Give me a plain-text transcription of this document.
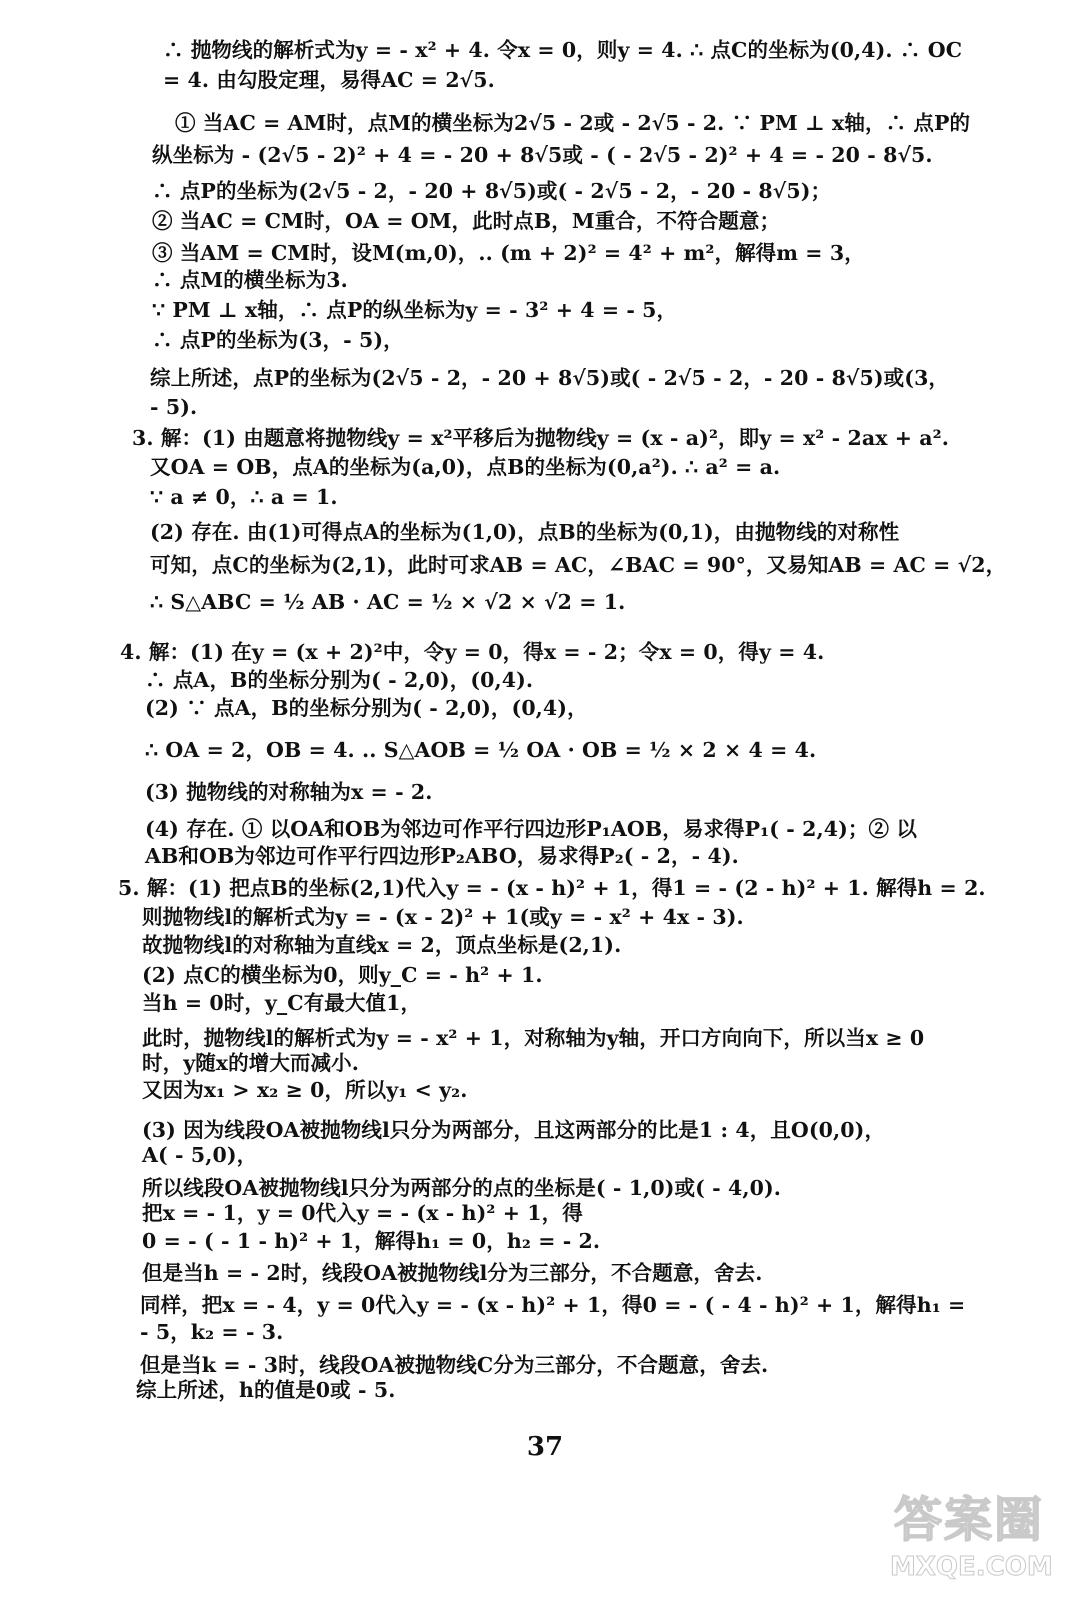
∴ 抛物线的解析式为y = - x² + 4. 令x = 0，则y = 4. ∴ 点C的坐标为(0,4). ∴ OC
= 4. 由勾股定理，易得AC = 2√5.
① 当AC = AM时，点M的横坐标为2√5 - 2或 - 2√5 - 2. ∵ PM ⊥ x轴，∴ 点P的
纵坐标为 - (2√5 - 2)² + 4 = - 20 + 8√5或 - ( - 2√5 - 2)² + 4 = - 20 - 8√5.
∴ 点P的坐标为(2√5 - 2，- 20 + 8√5)或( - 2√5 - 2，- 20 - 8√5)；
② 当AC = CM时，OA = OM，此时点B，M重合，不符合题意；
③ 当AM = CM时，设M(m,0)，.. (m + 2)² = 4² + m²，解得m = 3，
∴ 点M的横坐标为3.
∵ PM ⊥ x轴，∴ 点P的纵坐标为y = - 3² + 4 = - 5，
∴ 点P的坐标为(3，- 5)，
综上所述，点P的坐标为(2√5 - 2，- 20 + 8√5)或( - 2√5 - 2，- 20 - 8√5)或(3，
- 5).
3. 解：(1) 由题意将抛物线y = x²平移后为抛物线y = (x - a)²，即y = x² - 2ax + a².
又OA = OB，点A的坐标为(a,0)，点B的坐标为(0,a²). ∴ a² = a.
∵ a ≠ 0，∴ a = 1.
(2) 存在. 由(1)可得点A的坐标为(1,0)，点B的坐标为(0,1)，由抛物线的对称性
可知，点C的坐标为(2,1)，此时可求AB = AC，∠BAC = 90°，又易知AB = AC = √2，
∴ S△ABC = ½ AB · AC = ½ × √2 × √2 = 1.
4. 解：(1) 在y = (x + 2)²中，令y = 0，得x = - 2；令x = 0，得y = 4.
∴ 点A，B的坐标分别为( - 2,0)，(0,4).
(2) ∵ 点A，B的坐标分别为( - 2,0)，(0,4)，
∴ OA = 2，OB = 4. .. S△AOB = ½ OA · OB = ½ × 2 × 4 = 4.
(3) 抛物线的对称轴为x = - 2.
(4) 存在. ① 以OA和OB为邻边可作平行四边形P₁AOB，易求得P₁( - 2,4)；② 以
AB和OB为邻边可作平行四边形P₂ABO，易求得P₂( - 2，- 4).
5. 解：(1) 把点B的坐标(2,1)代入y = - (x - h)² + 1，得1 = - (2 - h)² + 1. 解得h = 2.
则抛物线l的解析式为y = - (x - 2)² + 1(或y = - x² + 4x - 3).
故抛物线l的对称轴为直线x = 2，顶点坐标是(2,1).
(2) 点C的横坐标为0，则y_C = - h² + 1.
当h = 0时，y_C有最大值1，
此时，抛物线l的解析式为y = - x² + 1，对称轴为y轴，开口方向向下，所以当x ≥ 0
时，y随x的增大而减小.
又因为x₁ > x₂ ≥ 0，所以y₁ < y₂.
(3) 因为线段OA被抛物线l只分为两部分，且这两部分的比是1 : 4，且O(0,0)，
A( - 5,0)，
所以线段OA被抛物线l只分为两部分的点的坐标是( - 1,0)或( - 4,0).
把x = - 1，y = 0代入y = - (x - h)² + 1，得
0 = - ( - 1 - h)² + 1，解得h₁ = 0，h₂ = - 2.
但是当h = - 2时，线段OA被抛物线l分为三部分，不合题意，舍去.
同样，把x = - 4，y = 0代入y = - (x - h)² + 1，得0 = - ( - 4 - h)² + 1，解得h₁ =
- 5，k₂ = - 3.
但是当k = - 3时，线段OA被抛物线C分为三部分，不合题意，舍去.
综上所述，h的值是0或 - 5.
37
答案圈
MXQE.COM
